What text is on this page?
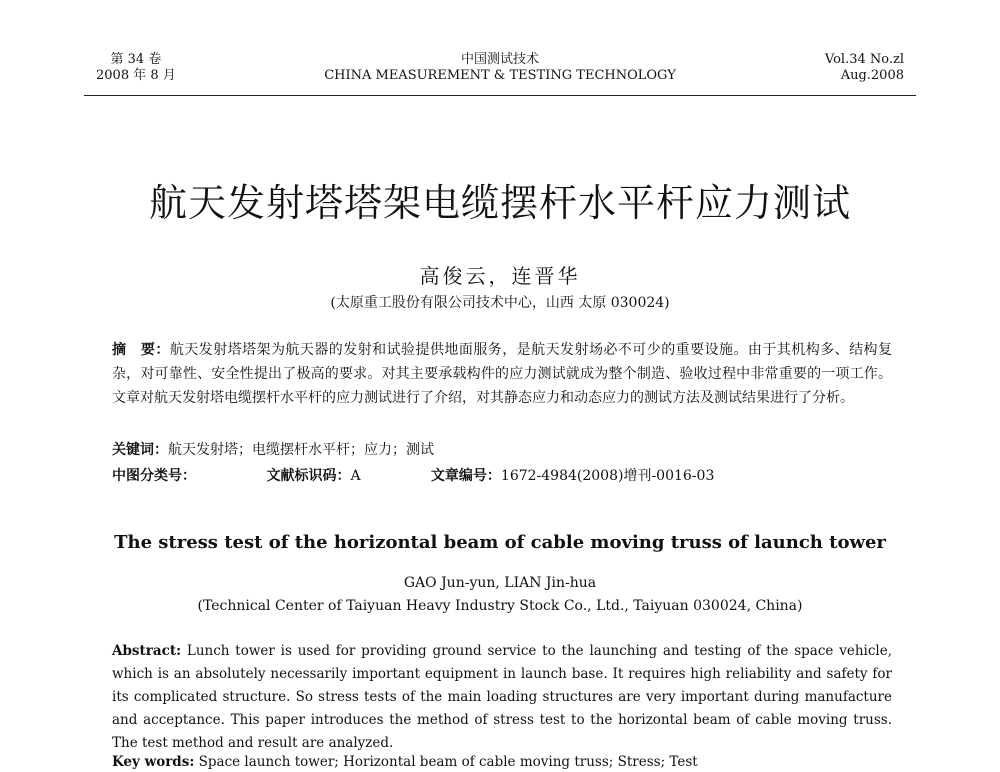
第 34 卷
2008 年 8 月
中国测试技术
CHINA MEASUREMENT & TESTING TECHNOLOGY
Vol.34 No.zl
Aug.2008
航天发射塔塔架电缆摆杆水平杆应力测试
高俊云，连晋华
(太原重工股份有限公司技术中心，山西 太原 030024)
摘　要：航天发射塔塔架为航天器的发射和试验提供地面服务，是航天发射场必不可少的重要设施。由于其机构多、结构复杂，对可靠性、安全性提出了极高的要求。对其主要承载构件的应力测试就成为整个制造、验收过程中非常重要的一项工作。文章对航天发射塔电缆摆杆水平杆的应力测试进行了介绍，对其静态应力和动态应力的测试方法及测试结果进行了分析。
关键词：航天发射塔；电缆摆杆水平杆；应力；测试
中图分类号：	文献标识码：A	文章编号：1672-4984(2008)增刊-0016-03
The stress test of the horizontal beam of cable moving truss of launch tower
GAO Jun-yun, LIAN Jin-hua
(Technical Center of Taiyuan Heavy Industry Stock Co., Ltd., Taiyuan 030024, China)
Abstract: Lunch tower is used for providing ground service to the launching and testing of the space vehicle, which is an absolutely necessarily important equipment in launch base. It requires high reliability and safety for its complicated structure. So stress tests of the main loading structures are very important during manufacture and acceptance. This paper introduces the method of stress test to the horizontal beam of cable moving truss. The test method and result are analyzed.
Key words: Space launch tower; Horizontal beam of cable moving truss; Stress; Test
